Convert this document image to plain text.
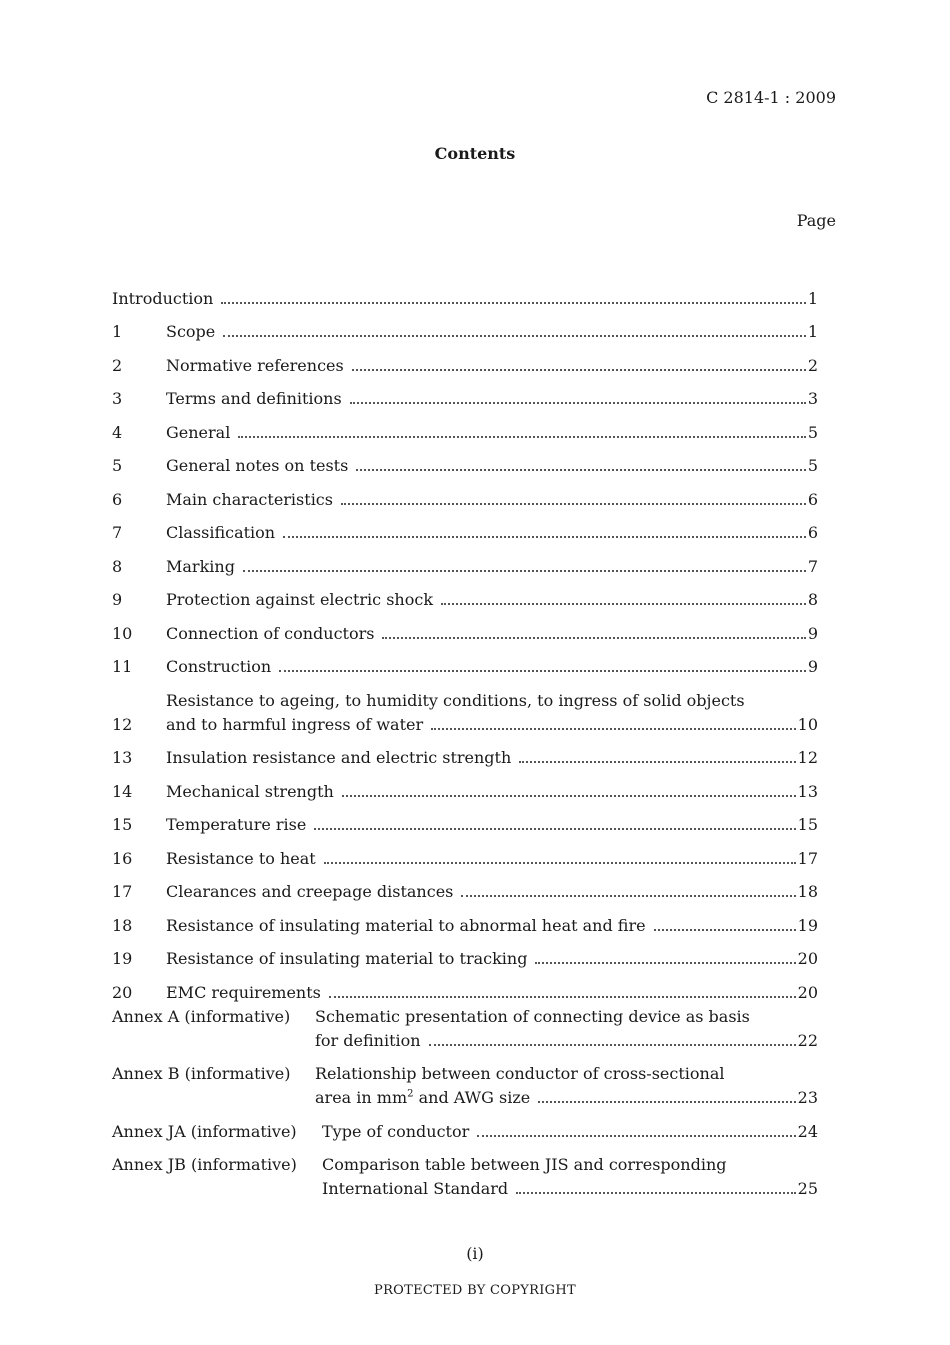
C 2814-1 : 2009
Contents
Page
Introduction	1
1	Scope	1
2	Normative references	2
3	Terms and definitions	3
4	General	5
5	General notes on tests	5
6	Main characteristics	6
7	Classification	6
8	Marking	7
9	Protection against electric shock	8
10	Connection of conductors	9
11	Construction	9
12
Resistance to ageing, to humidity conditions, to ingress of solid objects
and to harmful ingress of water	10
13	Insulation resistance and electric strength	12
14	Mechanical strength	13
15	Temperature rise	15
16	Resistance to heat	17
17	Clearances and creepage distances	18
18	Resistance of insulating material to abnormal heat and fire	19
19	Resistance of insulating material to tracking	20
20	EMC requirements	20
Annex A (informative)	Schematic presentation of connecting device as basis
for definition	22
Annex B (informative)	Relationship between conductor of cross-sectional
area in $mm^2$ and AWG size	23
Annex JA (informative)	Type of conductor	24
Annex JB (informative)	Comparison table between JIS and corresponding
International Standard	25
(i)
PROTECTED BY COPYRIGHT
